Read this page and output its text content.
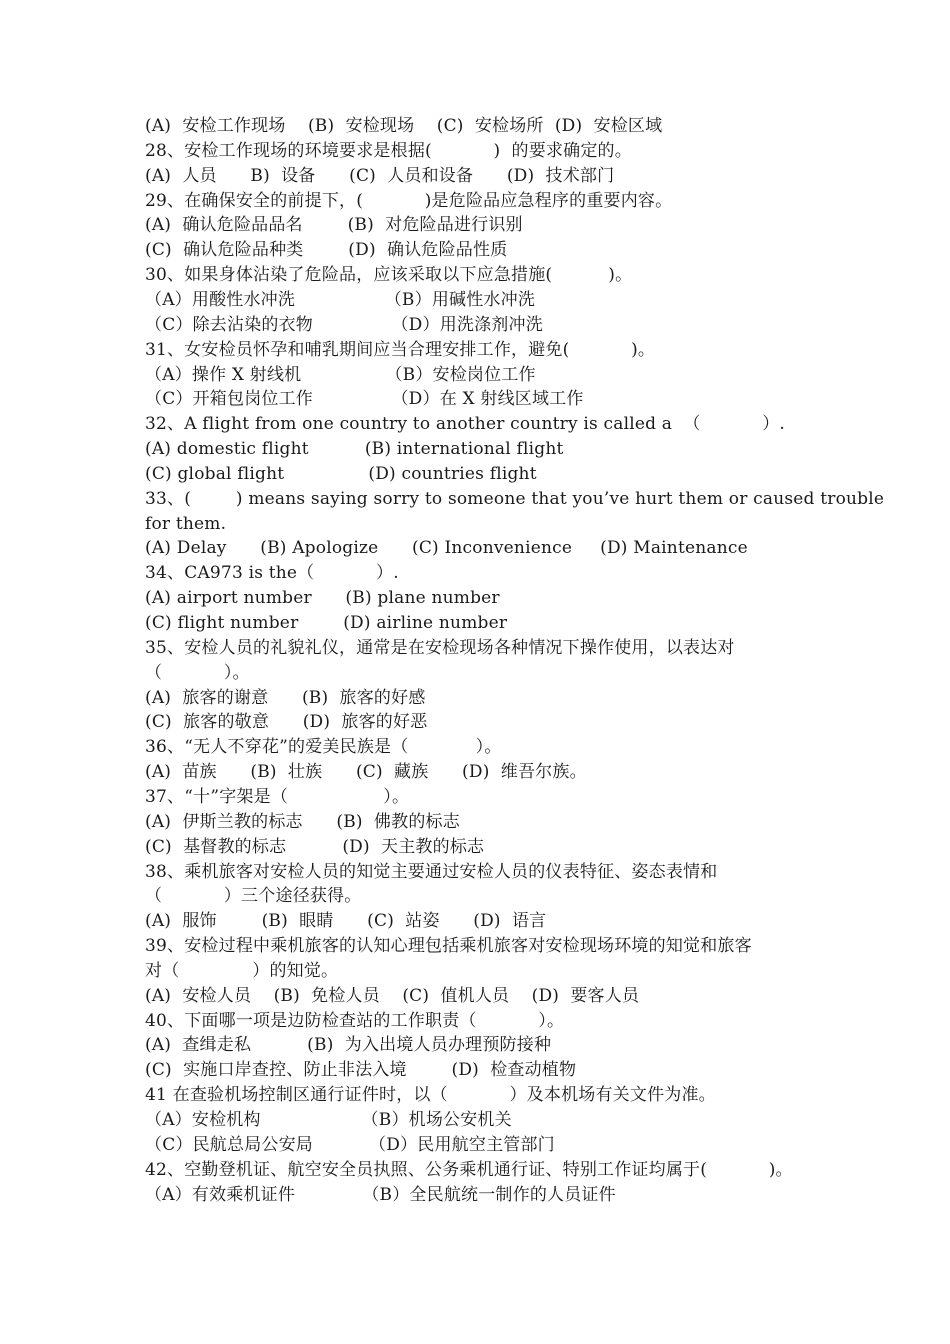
(A)  安检工作现场    (B)  安检现场    (C)  安检场所  (D)  安检区域
28、安检工作现场的环境要求是根据(           )  的要求确定的。
(A)  人员      B)  设备      (C)  人员和设备      (D)  技术部门
29、在确保安全的前提下，(           )是危险品应急程序的重要内容。
(A)  确认危险品品名        (B)  对危险品进行识别
(C)  确认危险品种类        (D)  确认危险品性质
30、如果身体沾染了危险品，应该采取以下应急措施(          )。
（A）用酸性水冲洗                （B）用碱性水冲洗
（C）除去沾染的衣物              （D）用洗涤剂冲洗
31、女安检员怀孕和哺乳期间应当合理安排工作，避免(           )。
（A）操作 X 射线机               （B）安检岗位工作
（C）开箱包岗位工作              （D）在 X 射线区域工作
32、A flight from one country to another country is called a  （           ）.
(A) domestic flight          (B) international flight
(C) global flight               (D) countries flight
33、(        ) means saying sorry to someone that you’ve hurt them or caused trouble
for them.
(A) Delay      (B) Apologize      (C) Inconvenience     (D) Maintenance
34、CA973 is the（           ）.
(A) airport number      (B) plane number
(C) flight number        (D) airline number
35、安检人员的礼貌礼仪，通常是在安检现场各种情况下操作使用，以表达对
（           ）。
(A)  旅客的谢意      (B)  旅客的好感
(C)  旅客的敬意      (D)  旅客的好恶
36、“无人不穿花”的爱美民族是（            ）。
(A)  苗族      (B)  壮族      (C)  藏族      (D)  维吾尔族。
37、“十”字架是（                 ）。
(A)  伊斯兰教的标志      (B)  佛教的标志
(C)  基督教的标志          (D)  天主教的标志
38、乘机旅客对安检人员的知觉主要通过安检人员的仪表特征、姿态表情和
（           ）三个途径获得。
(A)  服饰        (B)  眼睛      (C)  站姿      (D)  语言
39、安检过程中乘机旅客的认知心理包括乘机旅客对安检现场环境的知觉和旅客
对（             ）的知觉。
(A)  安检人员    (B)  免检人员    (C)  值机人员    (D)  要客人员
40、下面哪一项是边防检查站的工作职责（           ）。
(A)  查缉走私          (B)  为入出境人员办理预防接种
(C)  实施口岸查控、防止非法入境        (D)  检查动植物
41 在查验机场控制区通行证件时，以（           ）及本机场有关文件为准。
（A）安检机构                  （B）机场公安机关
（C）民航总局公安局          （D）民用航空主管部门
42、空勤登机证、航空安全员执照、公务乘机通行证、特别工作证均属于(           )。
（A）有效乘机证件            （B）全民航统一制作的人员证件
